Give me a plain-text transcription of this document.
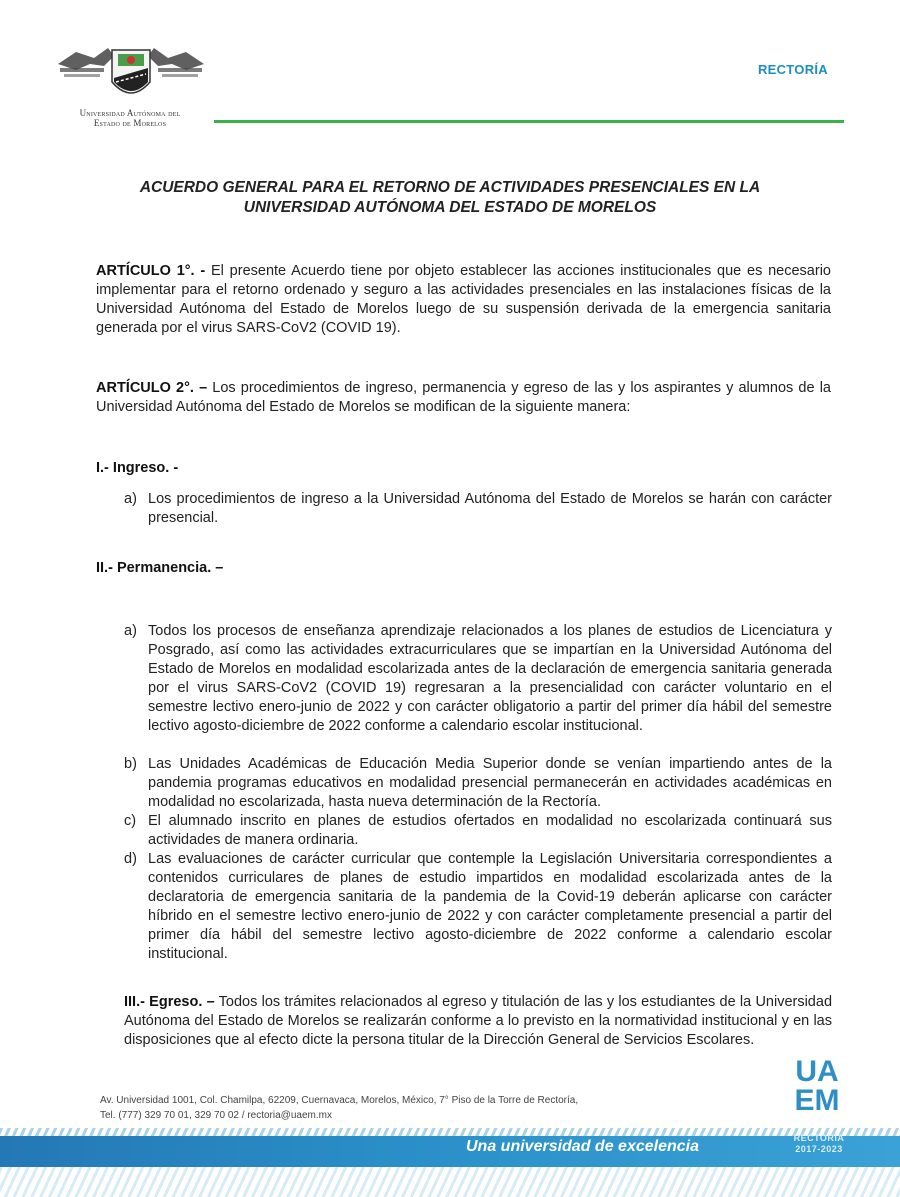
Universidad Autónoma del
Estado de Morelos
RECTORÍA
ACUERDO GENERAL PARA EL RETORNO DE ACTIVIDADES PRESENCIALES EN LA
UNIVERSIDAD AUTÓNOMA DEL ESTADO DE MORELOS
ARTÍCULO 1°. - El presente Acuerdo tiene por objeto establecer las acciones institucionales que es necesario implementar para el retorno ordenado y seguro a las actividades presenciales en las instalaciones físicas de la Universidad Autónoma del Estado de Morelos luego de su suspensión derivada de la emergencia sanitaria generada por el virus SARS-CoV2 (COVID 19).
ARTÍCULO 2°. – Los procedimientos de ingreso, permanencia y egreso de las y los aspirantes y alumnos de la Universidad Autónoma del Estado de Morelos se modifican de la siguiente manera:
I.- Ingreso. -
a) Los procedimientos de ingreso a la Universidad Autónoma del Estado de Morelos se harán con carácter presencial.
II.- Permanencia. –
a) Todos los procesos de enseñanza aprendizaje relacionados a los planes de estudios de Licenciatura y Posgrado, así como las actividades extracurriculares que se impartían en la Universidad Autónoma del Estado de Morelos en modalidad escolarizada antes de la declaración de emergencia sanitaria generada por el virus SARS-CoV2 (COVID 19) regresaran a la presencialidad con carácter voluntario en el semestre lectivo enero-junio de 2022 y con carácter obligatorio a partir del primer día hábil del semestre lectivo agosto-diciembre de 2022 conforme a calendario escolar institucional.
b) Las Unidades Académicas de Educación Media Superior donde se venían impartiendo antes de la pandemia programas educativos en modalidad presencial permanecerán en actividades académicas en modalidad no escolarizada, hasta nueva determinación de la Rectoría.
c) El alumnado inscrito en planes de estudios ofertados en modalidad no escolarizada continuará sus actividades de manera ordinaria.
d) Las evaluaciones de carácter curricular que contemple la Legislación Universitaria correspondientes a contenidos curriculares de planes de estudio impartidos en modalidad escolarizada antes de la declaratoria de emergencia sanitaria de la pandemia de la Covid-19 deberán aplicarse con carácter híbrido en el semestre lectivo enero-junio de 2022 y con carácter completamente presencial a partir del primer día hábil del semestre lectivo agosto-diciembre de 2022 conforme a calendario escolar institucional.
III.- Egreso. – Todos los trámites relacionados al egreso y titulación de las y los estudiantes de la Universidad Autónoma del Estado de Morelos se realizarán conforme a lo previsto en la normatividad institucional y en las disposiciones que al efecto dicte la persona titular de la Dirección General de Servicios Escolares.
Av. Universidad 1001, Col. Chamilpa, 62209, Cuernavaca, Morelos, México, 7° Piso de la Torre de Rectoría,
Tel. (777) 329 70 01, 329 70 02 / rectoria@uaem.mx
UA
EM
Una universidad de excelencia	RECTORÍA
2017-2023
